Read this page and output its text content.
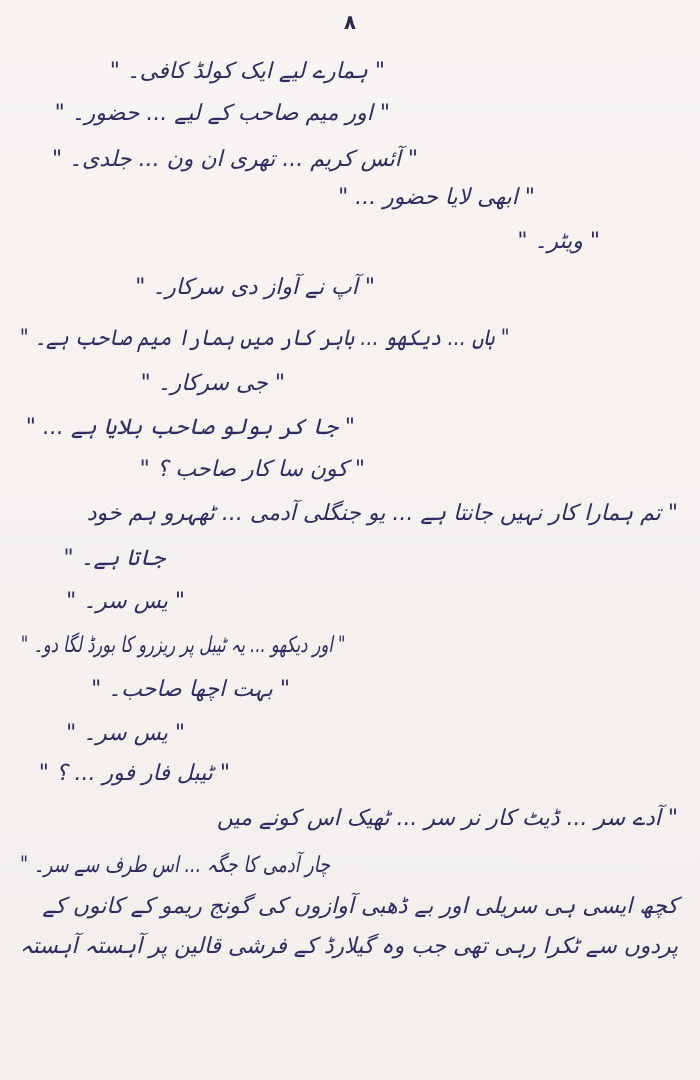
۸
" ہمارے لیے ایک کولڈ کافی۔ "
" اور میم صاحب کے لیے ... حضور۔ "
" آئس کریم ... تھری ان ون ... جلدی۔ "
" ابھی لایا حضور ... "
" ویٹر۔ "
" آپ نے آواز دی سرکار۔ "
" ہاں ... دیکھو ... باہر کار میں ہمارا میم صاحب ہے۔ "
" جی سرکار۔ "
" جا کر بولو صاحب بلایا ہے ... "
" کون سا کار صاحب ؟ "
" تم ہمارا کار نہیں جانتا ہے ... یو جنگلی آدمی ... ٹھہرو ہم خود
جاتا ہے۔ "
" یس سر۔ "
" اور دیکھو ... یہ ٹیبل پر ریزرو کا بورڈ لگا دو۔ "
" بہت اچھا صاحب۔ "
" یس سر۔ "
" ٹیبل فار فور ... ؟ "
" آدے سر ... ڈیٹ کار نر سر ... ٹھیک اس کونے میں
چار آدمی کا جگہ ... اس طرف سے سر۔ "
کچھ ایسی ہی سریلی اور بے ڈھبی آوازوں کی گونج ریمو کے کانوں کے
پردوں سے ٹکرا رہی تھی جب وہ گیلارڈ کے فرشی قالین پر آہستہ آہستہ
